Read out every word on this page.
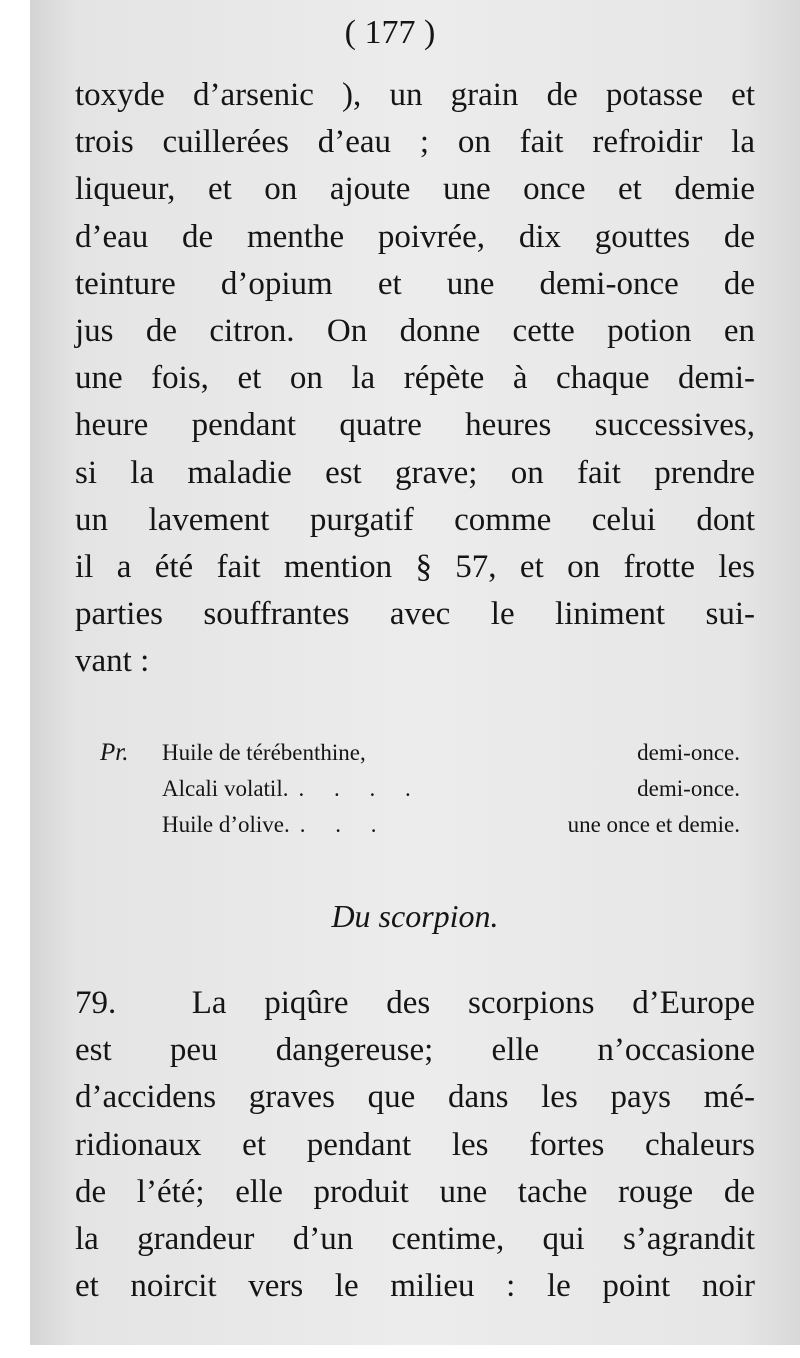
( 177 )
toxyde d’arsenic ), un grain de potasse et
trois cuillerées d’eau ; on fait refroidir la
liqueur, et on ajoute une once et demie
d’eau de menthe poivrée, dix gouttes de
teinture d’opium et une demi-once de
jus de citron. On donne cette potion en
une fois, et on la répète à chaque demi-
heure pendant quatre heures successives,
si la maladie est grave; on fait prendre
un lavement purgatif comme celui dont
il a été fait mention § 57, et on frotte les
parties souffrantes avec le liniment sui-
vant :
Pr.	Huile de térébenthine,	demi-once.
Alcali volatil. . . . .	demi-once.
Huile d’olive. . . .	une once et demie.
Du scorpion.
79. La piqûre des scorpions d’Europe
est peu dangereuse; elle n’occasione
d’accidens graves que dans les pays mé-
ridionaux et pendant les fortes chaleurs
de l’été; elle produit une tache rouge de
la grandeur d’un centime, qui s’agrandit
et noircit vers le milieu : le point noir
